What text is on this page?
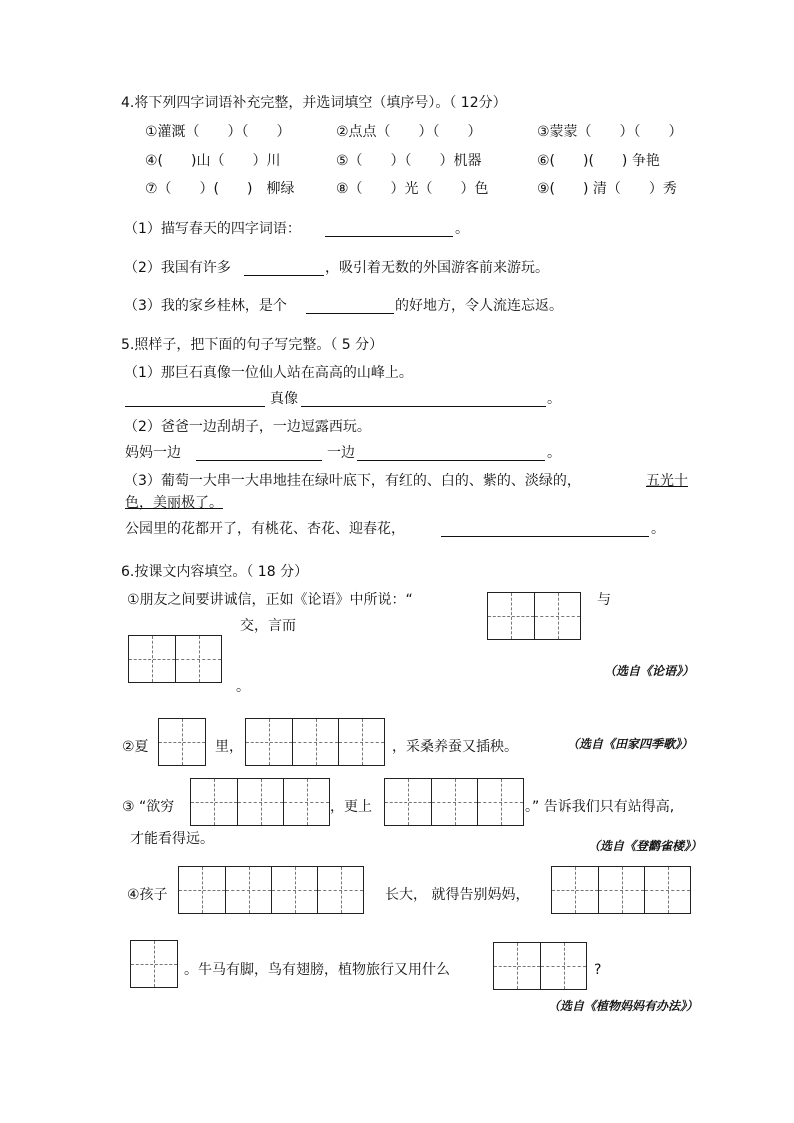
4.将下列四字词语补充完整，并选词填空（填序号）。（ 12分）
①灌溉（　　）（　　）	②点点（　　）（　　）	③蒙蒙（　　）（　　）
④(　　)山（　　）川	⑤（　　）（　　）机器	⑥(　　)(　　) 争艳
⑦（　　）(　　)　柳绿	⑧（　　）光（　　）色	⑨(　　) 清（　　）秀
（1）描写春天的四字词语：	。
（2）我国有许多	，吸引着无数的外国游客前来游玩。
（3）我的家乡桂林，是个	的好地方，令人流连忘返。
5.照样子，把下面的句子写完整。（ 5 分）
（1）那巨石真像一位仙人站在高高的山峰上。
真像	。
（2）爸爸一边刮胡子，一边逗露西玩。
妈妈一边	一边	。
（3）葡萄一大串一大串地挂在绿叶底下，有红的、白的、紫的、淡绿的，	五光十
色，美丽极了。
公园里的花都开了，有桃花、杏花、迎春花，	。
6.按课文内容填空。（ 18 分）
①朋友之间要讲诚信，正如《论语》中所说：“	与
交，言而
。
（选自《论语》）
②夏	里，	，采桑养蚕又插秧。	（选自《田家四季歌》）
③ “欲穷	，更上	。” 告诉我们只有站得高,
才能看得远。	（选自《登鹳雀楼》）
④孩子	长大， 就得告别妈妈，
。牛马有脚，鸟有翅膀，植物旅行又用什么	?
（选自《植物妈妈有办法》）
